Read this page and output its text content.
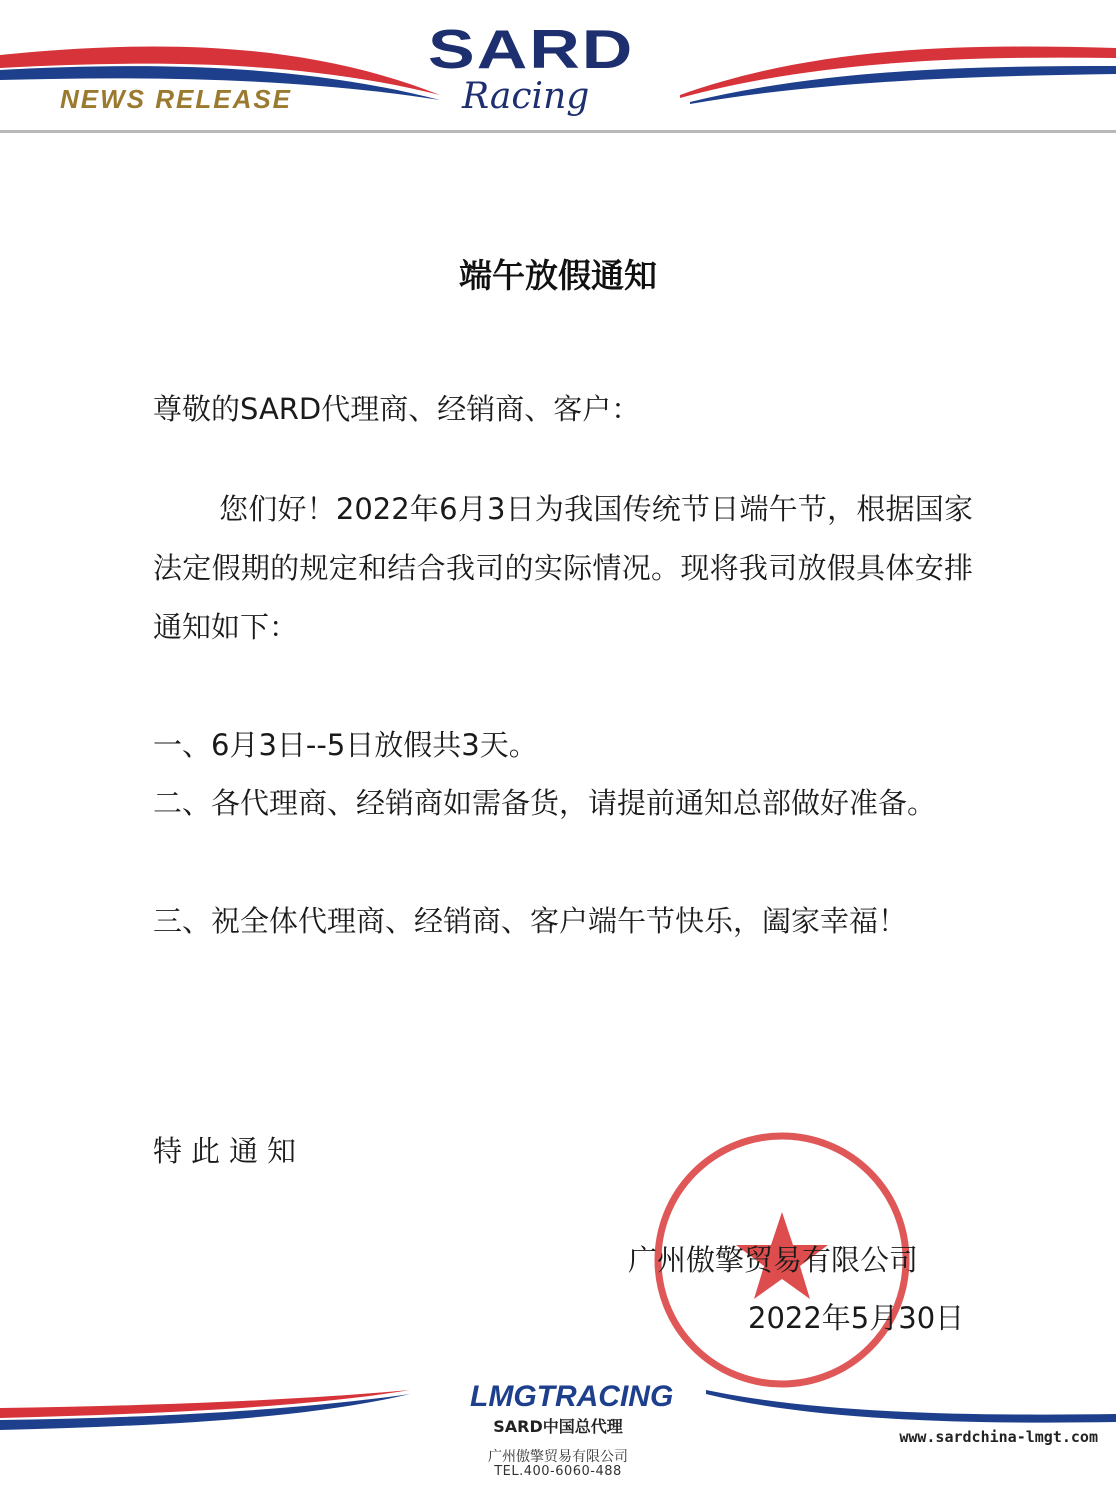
NEWS RELEASE

SARD

Racing

端午放假通知

尊敬的SARD代理商、经销商、客户：

您们好！2022年6月3日为我国传统节日端午节，根据国家法定假期的规定和结合我司的实际情况。现将我司放假具体安排通知如下：

一、6月3日--5日放假共3天。

二、各代理商、经销商如需备货，请提前通知总部做好准备。

三、祝全体代理商、经销商、客户端午节快乐，阖家幸福！

特此通知

广州傲擎贸易有限公司

2022年5月30日

LMGTRACING

SARD中国总代理

广州傲擎贸易有限公司

TEL.400-6060-488

www.sardchina-lmgt.com
